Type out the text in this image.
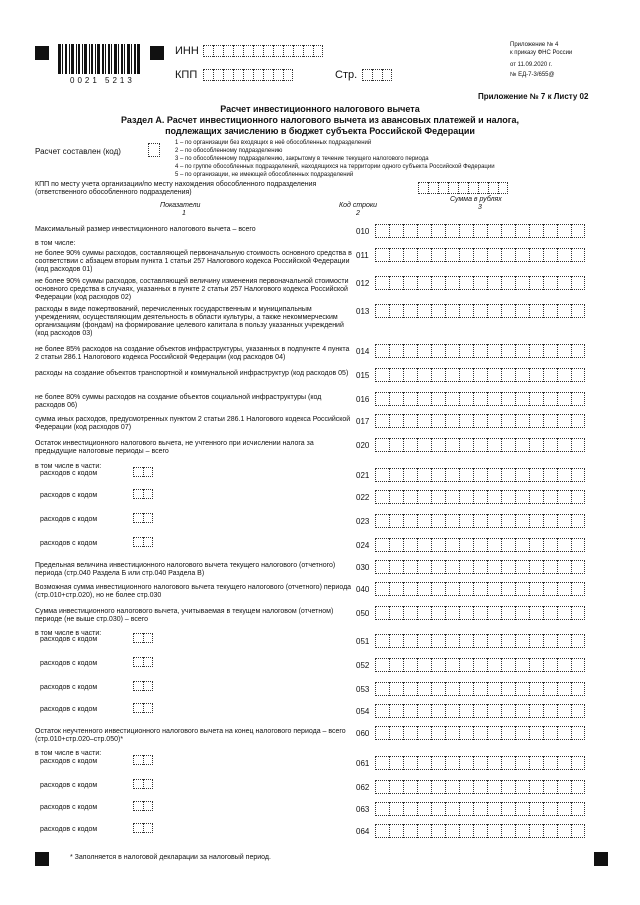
0021 5213
ИНН
КПП	Стр.
Приложение № 4
к приказу ФНС России
от 11.09.2020 г.
№ ЕД-7-3/655@
Приложение № 7 к Листу 02
Расчет инвестиционного налогового вычета
Раздел А. Расчет инвестиционного налогового вычета из авансовых платежей и налога,
подлежащих зачислению в бюджет субъекта Российской Федерации
Расчет составлен (код)
1 – по организации без входящих в неё обособленных подразделений
2 – по обособленному подразделению
3 – по обособленному подразделению, закрытому в течение текущего налогового периода
4 – по группе обособленных подразделений, находящихся на территории одного субъекта Российской Федерации
5 – по организации, не имеющей обособленных подразделений
КПП по месту учета организации/по месту нахождения обособленного подразделения (ответственного обособленного подразделения)
Показатели
1
Код строки
2
Сумма в рублях
3
Максимальный размер инвестиционного налогового вычета – всего	010
в том числе:
не более 90% суммы расходов, составляющей первоначальную стоимость основного средства в соответствии с абзацем вторым пункта 1 статьи 257 Налогового кодекса Российской Федерации (код расходов 01)
011
не более 90% суммы расходов, составляющей величину изменения первоначальной стоимости основного средства в случаях, указанных в пункте 2 статьи 257 Налогового кодекса Российской Федерации (код расходов 02)
012
расходы в виде пожертвований, перечисленных государственным и муниципальным учреждениям, осуществляющим деятельность в области культуры, а также некоммерческим организациям (фондам) на формирование целевого капитала в пользу указанных учреждений (код расходов 03)
013
не более 85% расходов на создание объектов инфраструктуры, указанных в подпункте 4 пункта 2 статьи 286.1 Налогового кодекса Российской Федерации (код расходов 04)
014
расходы на создание объектов транспортной и коммунальной инфраструктур (код расходов 05) 015
не более 80% суммы расходов на создание объектов социальной инфраструктуры (код расходов 06)
016
сумма иных расходов, предусмотренных пунктом 2 статьи 286.1 Налогового кодекса Российской Федерации (код расходов 07)
017
Остаток инвестиционного налогового вычета, не учтенного при исчислении налога за предыдущие налоговые периоды – всего
020
в том числе в части:
расходов с кодом	021
расходов с кодом	022
расходов с кодом	023
расходов с кодом	024
Предельная величина инвестиционного налогового вычета текущего налогового (отчетного) периода (стр.040 Раздела Б или стр.040 Раздела В)
030
Возможная сумма инвестиционного налогового вычета текущего налогового (отчетного) периода (стр.010+стр.020), но не более стр.030
040
Сумма инвестиционного налогового вычета, учитываемая в текущем налоговом (отчетном) периоде (не выше стр.030) – всего
050
в том числе в части:
расходов с кодом	051
расходов с кодом	052
расходов с кодом	053
расходов с кодом	054
Остаток неучтенного инвестиционного налогового вычета на конец налогового периода – всего (стр.010+стр.020–стр.050)*
060
в том числе в части:
расходов с кодом	061
расходов с кодом	062
расходов с кодом	063
расходов с кодом	064
* Заполняется в налоговой декларации за налоговый период.
